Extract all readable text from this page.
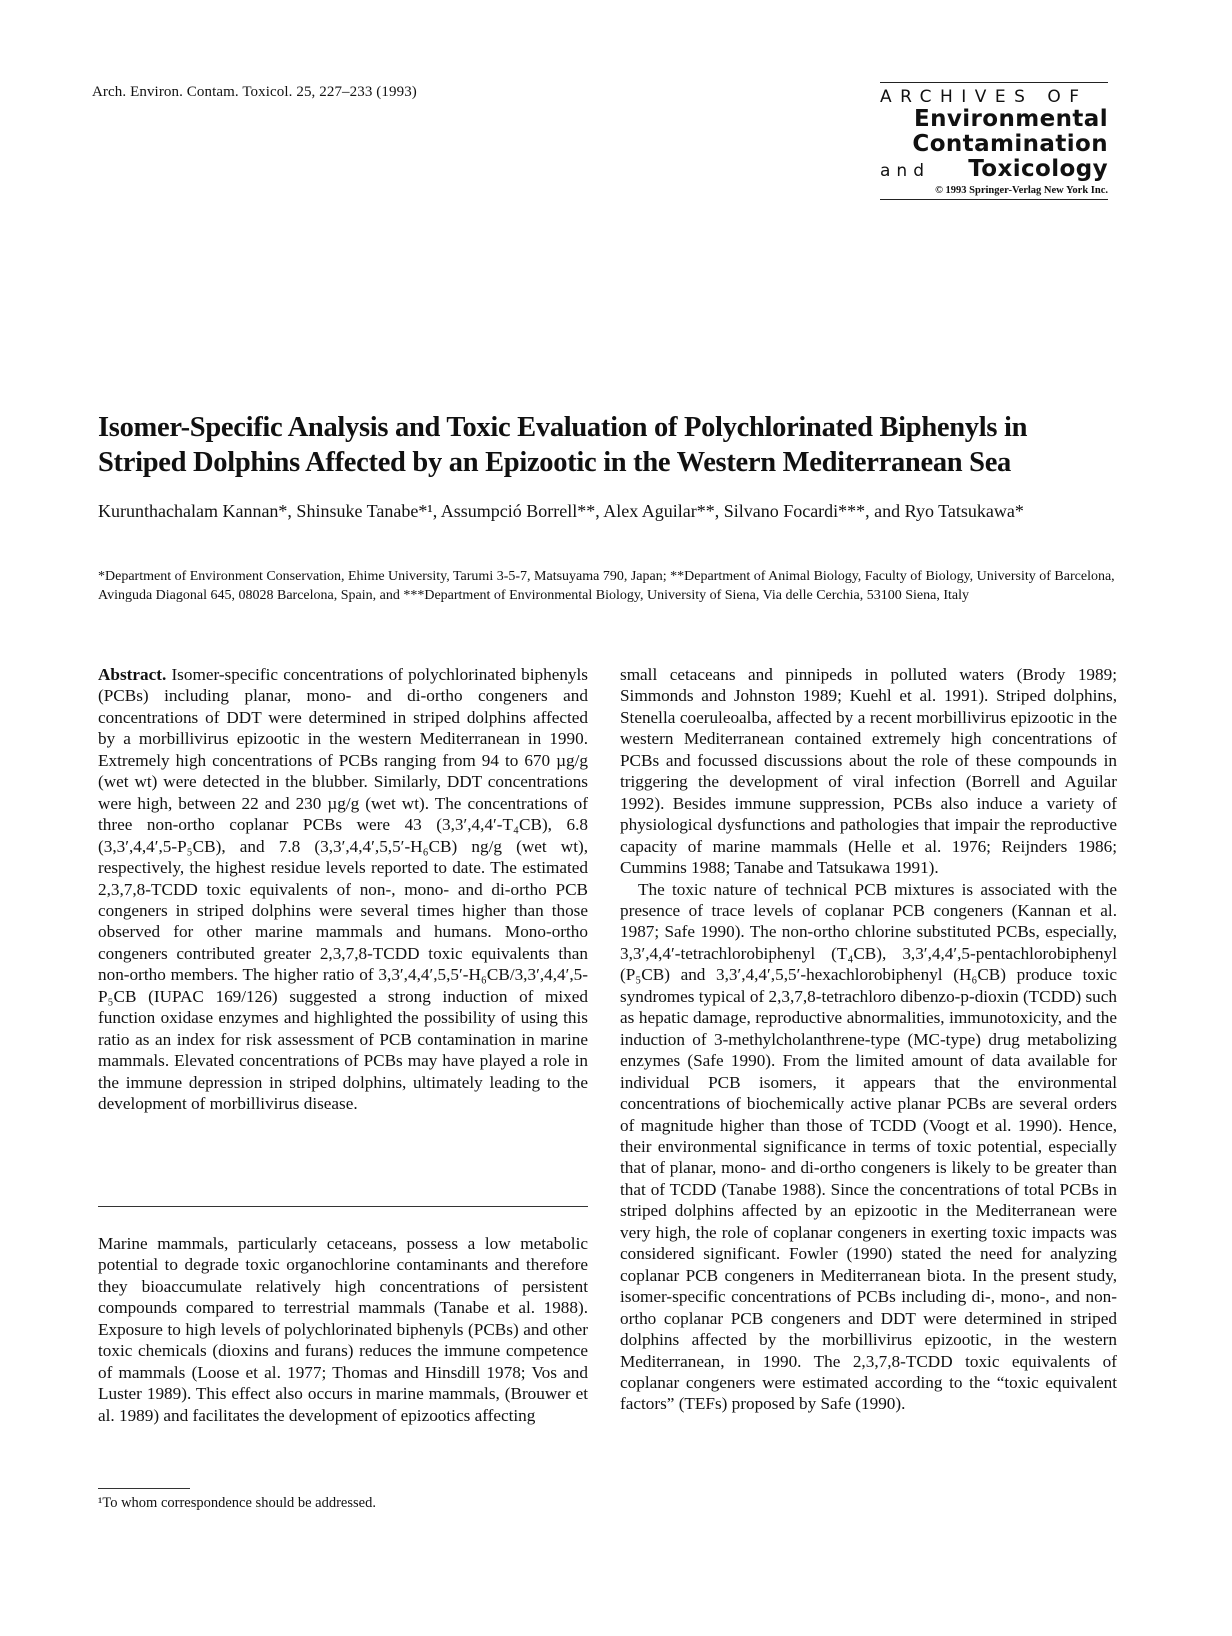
Arch. Environ. Contam. Toxicol. 25, 227–233 (1993)	ARCHIVES OF
Environmental
Contamination
and Toxicology
© 1993 Springer-Verlag New York Inc.
Isomer-Specific Analysis and Toxic Evaluation of Polychlorinated Biphenyls in Striped Dolphins Affected by an Epizootic in the Western Mediterranean Sea
Kurunthachalam Kannan*, Shinsuke Tanabe*¹, Assumpció Borrell**, Alex Aguilar**, Silvano Focardi***, and Ryo Tatsukawa*
*Department of Environment Conservation, Ehime University, Tarumi 3-5-7, Matsuyama 790, Japan; **Department of Animal Biology, Faculty of Biology, University of Barcelona, Avinguda Diagonal 645, 08028 Barcelona, Spain, and ***Department of Environmental Biology, University of Siena, Via delle Cerchia, 53100 Siena, Italy

Abstract. Isomer-specific concentrations of polychlorinated biphenyls (PCBs) including planar, mono- and di-ortho congeners and concentrations of DDT were determined in striped dolphins affected by a morbillivirus epizootic in the western Mediterranean in 1990. Extremely high concentrations of PCBs ranging from 94 to 670 µg/g (wet wt) were detected in the blubber. Similarly, DDT concentrations were high, between 22 and 230 µg/g (wet wt). The concentrations of three non-ortho coplanar PCBs were 43 (3,3′,4,4′-T₄CB), 6.8 (3,3′,4,4′,5-P₅CB), and 7.8 (3,3′,4,4′,5,5′-H₆CB) ng/g (wet wt), respectively, the highest residue levels reported to date. The estimated 2,3,7,8-TCDD toxic equivalents of non-, mono- and di-ortho PCB congeners in striped dolphins were several times higher than those observed for other marine mammals and humans. Mono-ortho congeners contributed greater 2,3,7,8-TCDD toxic equivalents than non-ortho members. The higher ratio of 3,3′,4,4′,5,5′-H₆CB/3,3′,4,4′,5-P₅CB (IUPAC 169/126) suggested a strong induction of mixed function oxidase enzymes and highlighted the possibility of using this ratio as an index for risk assessment of PCB contamination in marine mammals. Elevated concentrations of PCBs may have played a role in the immune depression in striped dolphins, ultimately leading to the development of morbillivirus disease.

Marine mammals, particularly cetaceans, possess a low metabolic potential to degrade toxic organochlorine contaminants and therefore they bioaccumulate relatively high concentrations of persistent compounds compared to terrestrial mammals (Tanabe et al. 1988). Exposure to high levels of polychlorinated biphenyls (PCBs) and other toxic chemicals (dioxins and furans) reduces the immune competence of mammals (Loose et al. 1977; Thomas and Hinsdill 1978; Vos and Luster 1989). This effect also occurs in marine mammals, (Brouwer et al. 1989) and facilitates the development of epizootics affecting

small cetaceans and pinnipeds in polluted waters (Brody 1989; Simmonds and Johnston 1989; Kuehl et al. 1991). Striped dolphins, Stenella coeruleoalba, affected by a recent morbillivirus epizootic in the western Mediterranean contained extremely high concentrations of PCBs and focussed discussions about the role of these compounds in triggering the development of viral infection (Borrell and Aguilar 1992). Besides immune suppression, PCBs also induce a variety of physiological dysfunctions and pathologies that impair the reproductive capacity of marine mammals (Helle et al. 1976; Reijnders 1986; Cummins 1988; Tanabe and Tatsukawa 1991).

The toxic nature of technical PCB mixtures is associated with the presence of trace levels of coplanar PCB congeners (Kannan et al. 1987; Safe 1990). The non-ortho chlorine substituted PCBs, especially, 3,3′,4,4′-tetrachlorobiphenyl (T₄CB), 3,3′,4,4′,5-pentachlorobiphenyl (P₅CB) and 3,3′,4,4′,5,5′-hexachlorobiphenyl (H₆CB) produce toxic syndromes typical of 2,3,7,8-tetrachloro dibenzo-p-dioxin (TCDD) such as hepatic damage, reproductive abnormalities, immunotoxicity, and the induction of 3-methylcholanthrene-type (MC-type) drug metabolizing enzymes (Safe 1990). From the limited amount of data available for individual PCB isomers, it appears that the environmental concentrations of biochemically active planar PCBs are several orders of magnitude higher than those of TCDD (Voogt et al. 1990). Hence, their environmental significance in terms of toxic potential, especially that of planar, mono- and di-ortho congeners is likely to be greater than that of TCDD (Tanabe 1988). Since the concentrations of total PCBs in striped dolphins affected by an epizootic in the Mediterranean were very high, the role of coplanar congeners in exerting toxic impacts was considered significant. Fowler (1990) stated the need for analyzing coplanar PCB congeners in Mediterranean biota. In the present study, isomer-specific concentrations of PCBs including di-, mono-, and non-ortho coplanar PCB congeners and DDT were determined in striped dolphins affected by the morbillivirus epizootic, in the western Mediterranean, in 1990. The 2,3,7,8-TCDD toxic equivalents of coplanar congeners were estimated according to the “toxic equivalent factors” (TEFs) proposed by Safe (1990).

¹To whom correspondence should be addressed.
